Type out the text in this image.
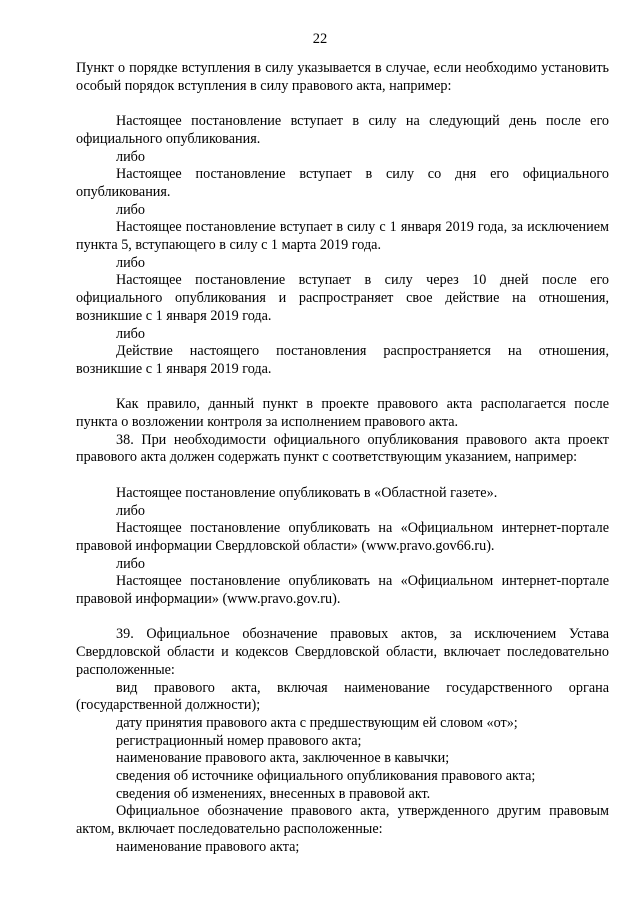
22

Пункт о порядке вступления в силу указывается в случае, если необходимо установить особый порядок вступления в силу правового акта, например:

Настоящее постановление вступает в силу на следующий день после его официального опубликования.

либо

Настоящее постановление вступает в силу со дня его официального опубликования.

либо

Настоящее постановление вступает в силу с 1 января 2019 года, за исключением пункта 5, вступающего в силу с 1 марта 2019 года.

либо

Настоящее постановление вступает в силу через 10 дней после его официального опубликования и распространяет свое действие на отношения, возникшие с 1 января 2019 года.

либо

Действие настоящего постановления распространяется на отношения, возникшие с 1 января 2019 года.

Как правило, данный пункт в проекте правового акта располагается после пункта о возложении контроля за исполнением правового акта.

38. При необходимости официального опубликования правового акта проект правового акта должен содержать пункт с соответствующим указанием, например:

Настоящее постановление опубликовать в «Областной газете».

либо

Настоящее постановление опубликовать на «Официальном интернет-портале правовой информации Свердловской области» (www.pravo.gov66.ru).

либо

Настоящее постановление опубликовать на «Официальном интернет-портале правовой информации» (www.pravo.gov.ru).

39. Официальное обозначение правовых актов, за исключением Устава Свердловской области и кодексов Свердловской области, включает последовательно расположенные:

вид правового акта, включая наименование государственного органа (государственной должности);

дату принятия правового акта с предшествующим ей словом «от»;

регистрационный номер правового акта;

наименование правового акта, заключенное в кавычки;

сведения об источнике официального опубликования правового акта;

сведения об изменениях, внесенных в правовой акт.

Официальное обозначение правового акта, утвержденного другим правовым актом, включает последовательно расположенные:

наименование правового акта;
